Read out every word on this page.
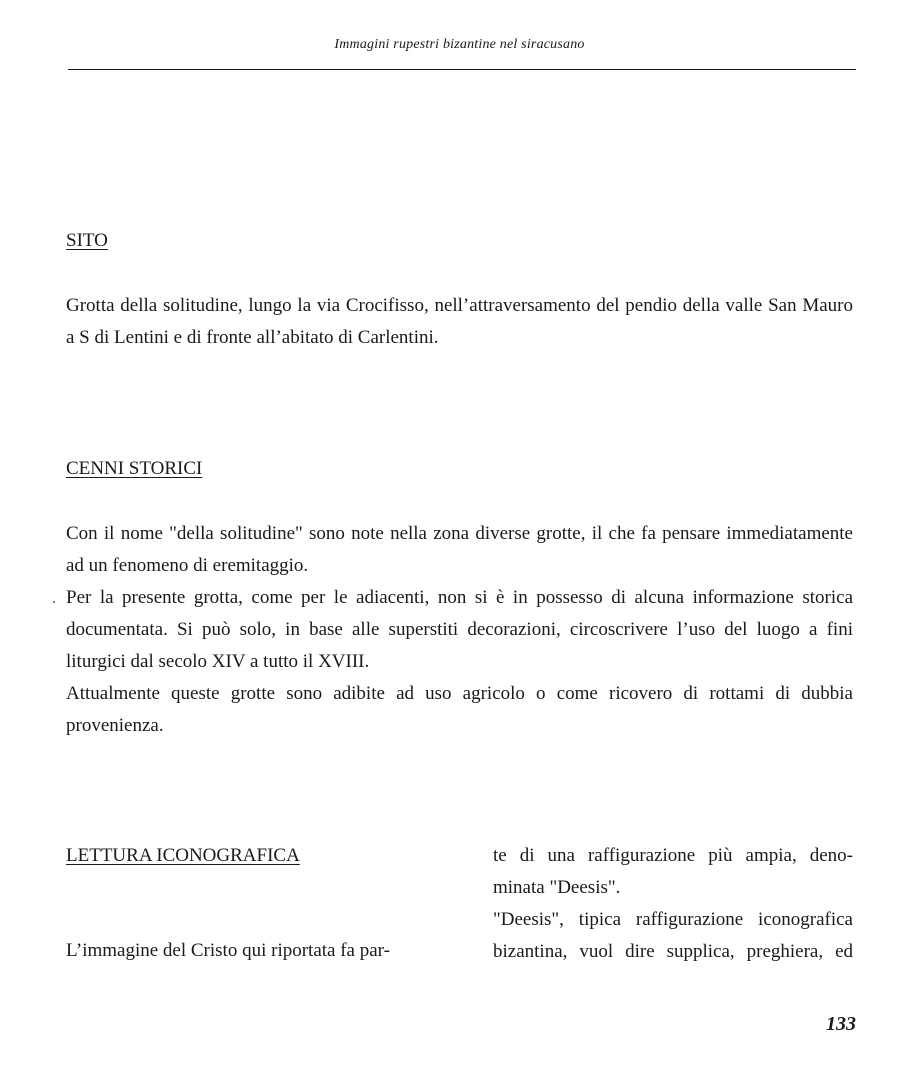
Immagini rupestri bizantine nel siracusano
SITO

Grotta della solitudine, lungo la via Crocifisso, nell’attraversamento del pendio della valle San Mauro a S di Lentini e di fronte all’abitato di Carlentini.

CENNI STORICI

Con il nome "della solitudine" sono note nella zona diverse grotte, il che fa pensare immediatamente ad un fenomeno di eremitaggio.

Per la presente grotta, come per le adiacenti, non si è in possesso di alcuna informazione storica documentata. Si può solo, in base alle superstiti decorazioni, circoscrivere l’uso del luogo a fini liturgici dal secolo XIV a tutto il XVIII.

Attualmente queste grotte sono adibite ad uso agricolo o come ricovero di rottami di dubbia provenienza.

LETTURA ICONOGRAFICA
L’immagine del Cristo qui riportata fa par-

te di una raffigurazione più ampia, deno-

minata "Deesis".

"Deesis", tipica raffigurazione iconografica

bizantina, vuol dire supplica, preghiera, ed

133
